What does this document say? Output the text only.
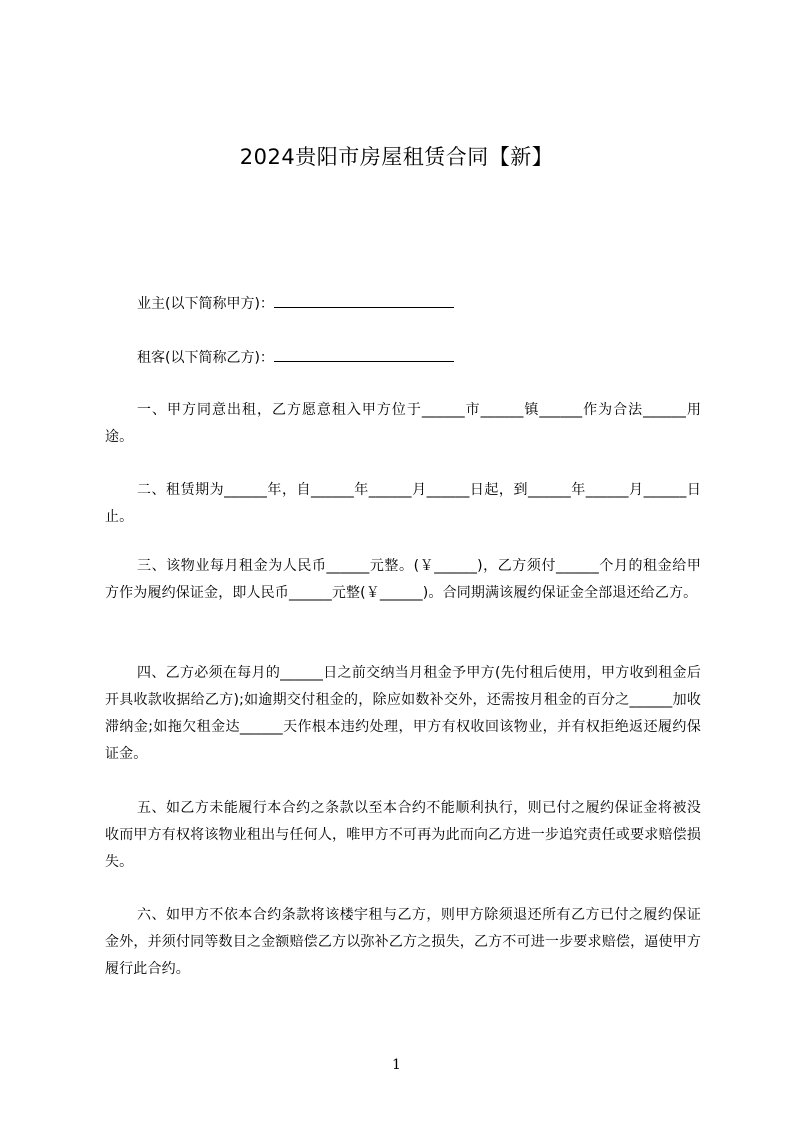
2024贵阳市房屋租赁合同【新】

业主(以下简称甲方)：

租客(以下简称乙方)：

一、甲方同意出租，乙方愿意租入甲方位于______市______镇______作为合法______用途。

二、租赁期为______年，自______年______月______日起，到______年______月______日止。

三、该物业每月租金为人民币______元整。(￥______)，乙方须付______个月的租金给甲方作为履约保证金，即人民币______元整(￥______)。合同期满该履约保证金全部退还给乙方。

四、乙方必须在每月的______日之前交纳当月租金予甲方(先付租后使用，甲方收到租金后开具收款收据给乙方);如逾期交付租金的，除应如数补交外，还需按月租金的百分之______加收滞纳金;如拖欠租金达______天作根本违约处理，甲方有权收回该物业，并有权拒绝返还履约保证金。

五、如乙方未能履行本合约之条款以至本合约不能顺利执行，则已付之履约保证金将被没收而甲方有权将该物业租出与任何人，唯甲方不可再为此而向乙方进一步追究责任或要求赔偿损失。

六、如甲方不依本合约条款将该楼宇租与乙方，则甲方除须退还所有乙方已付之履约保证金外，并须付同等数目之金额赔偿乙方以弥补乙方之损失，乙方不可进一步要求赔偿，逼使甲方履行此合约。

1
